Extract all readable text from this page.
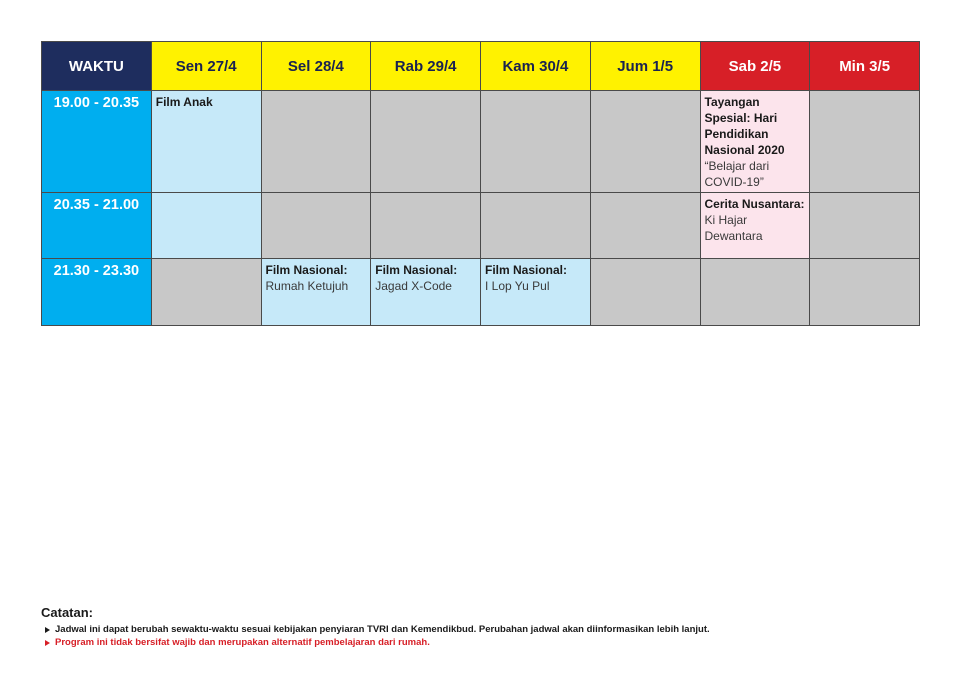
WAKTU	Sen 27/4	Sel 28/4	Rab 29/4	Kam 30/4	Jum 1/5	Sab 2/5	Min 3/5
19.00 - 20.35	Film Anak					Tayangan Spesial: Hari Pendidikan Nasional 2020
“Belajar dari COVID-19”	

20.35 - 21.00						Cerita Nusantara:
Ki Hajar Dewantara	

21.30 - 23.30		Film Nasional:
Rumah Ketujuh	Film Nasional:
Jagad X-Code	Film Nasional:
I Lop Yu Pul			

Catatan:
Jadwal ini dapat berubah sewaktu-waktu sesuai kebijakan penyiaran TVRI dan Kemendikbud. Perubahan jadwal akan diinformasikan lebih lanjut.
Program ini tidak bersifat wajib dan merupakan alternatif pembelajaran dari rumah.
